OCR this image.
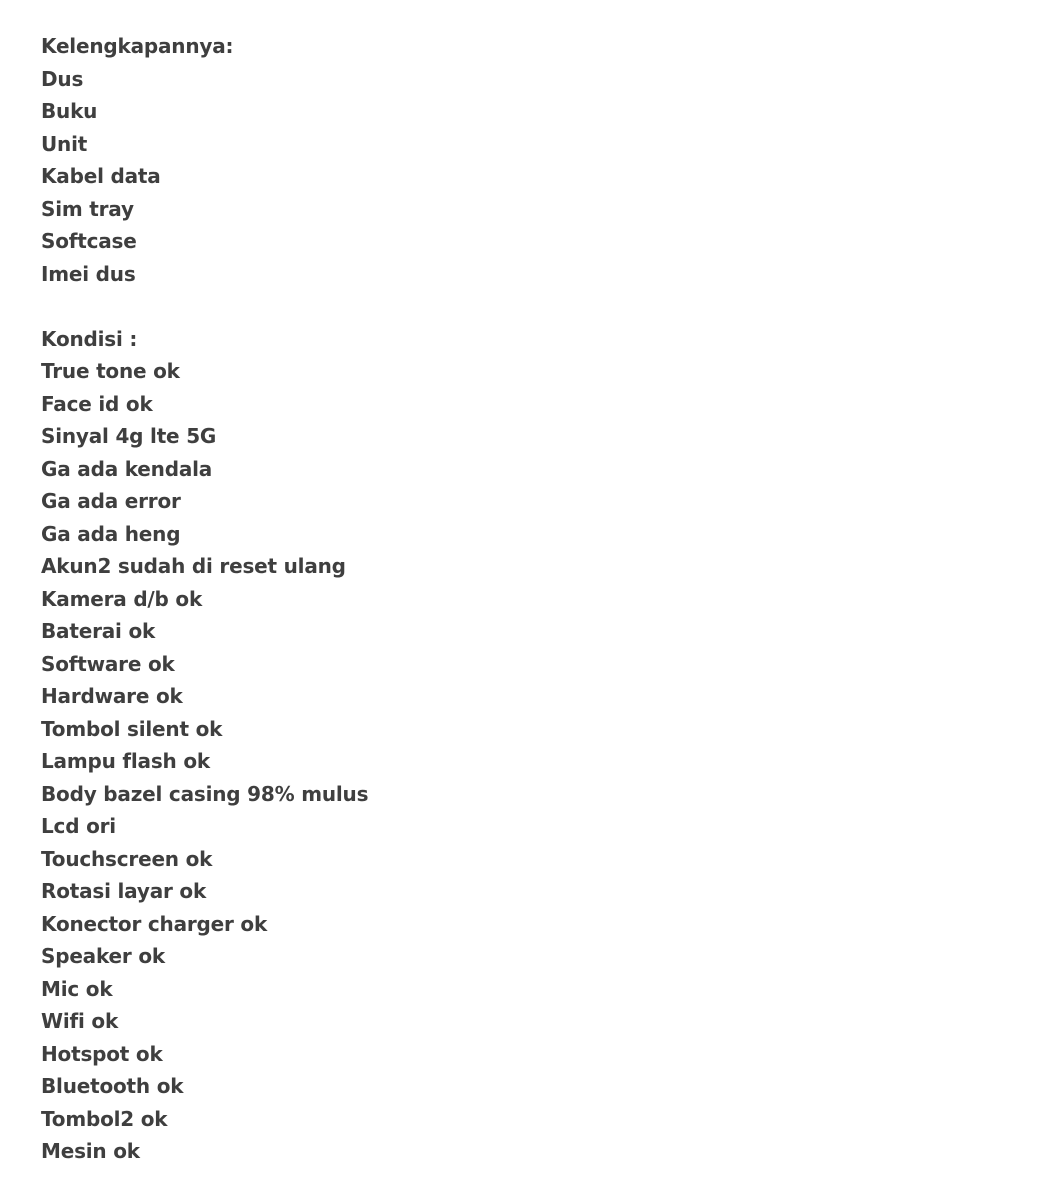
Kelengkapannya:
Dus
Buku
Unit
Kabel data
Sim tray
Softcase
Imei dus
Kondisi :
True tone ok
Face id ok
Sinyal 4g lte 5G
Ga ada kendala
Ga ada error
Ga ada heng
Akun2 sudah di reset ulang
Kamera d/b ok
Baterai ok
Software ok
Hardware ok
Tombol silent ok
Lampu flash ok
Body bazel casing 98% mulus
Lcd ori
Touchscreen ok
Rotasi layar ok
Konector charger ok
Speaker ok
Mic ok
Wifi ok
Hotspot ok
Bluetooth ok
Tombol2 ok
Mesin ok
